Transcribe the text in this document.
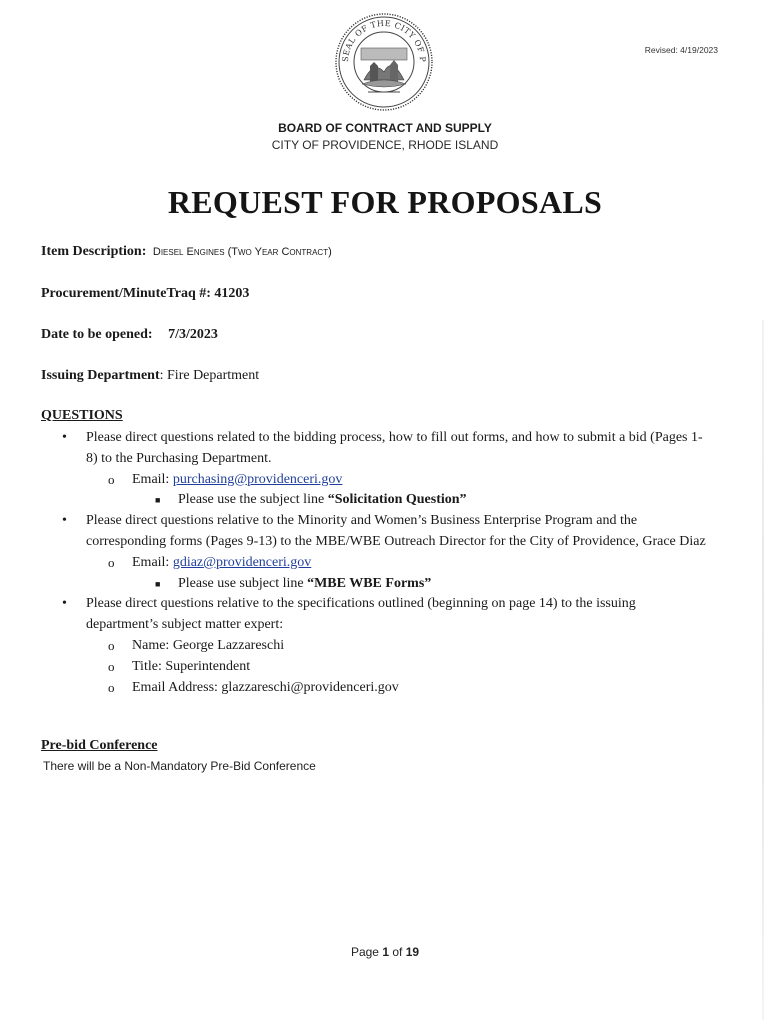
SEAL OF THE CITY OF P
Revised: 4/19/2023
BOARD OF CONTRACT AND SUPPLY
CITY OF PROVIDENCE, RHODE ISLAND
REQUEST FOR PROPOSALS
Item Description: Diesel Engines (Two Year Contract)
Procurement/MinuteTraq #: 41203
Date to be opened: 7/3/2023
Issuing Department: Fire Department
QUESTIONS
• Please direct questions related to the bidding process, how to fill out forms, and how to submit a bid (Pages 1-8) to the Purchasing Department.
o Email: purchasing@providenceri.gov
■ Please use the subject line “Solicitation Question”
• Please direct questions relative to the Minority and Women’s Business Enterprise Program and the corresponding forms (Pages 9-13) to the MBE/WBE Outreach Director for the City of Providence, Grace Diaz
o Email: gdiaz@providenceri.gov
■ Please use subject line “MBE WBE Forms”
• Please direct questions relative to the specifications outlined (beginning on page 14) to the issuing department’s subject matter expert:
o Name: George Lazzareschi
o Title: Superintendent
o Email Address: glazzareschi@providenceri.gov
Pre-bid Conference
There will be a Non-Mandatory Pre-Bid Conference
Page 1 of 19
